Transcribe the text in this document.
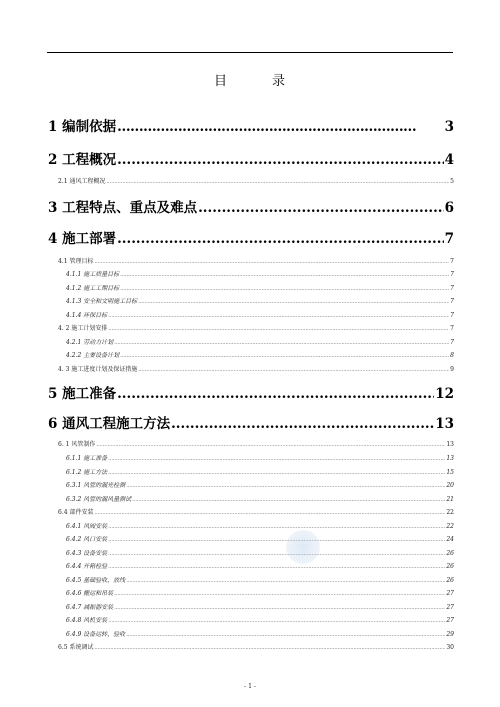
目	录
1 编制依据 ……………………………………………………………	3
2 工程概况 .....	4
2.1 通风工程概况 .....	5
3 工程特点、重点及难点 .....	6
4 施工部署 .....	7
4.1 管理目标 .....	7
4.1.1 施工质量目标 .....	7
4.1.2 施工工期目标 .....	7
4.1.3 安全和文明施工目标 .....	7
4.1.4 环保目标 .....	7
4. 2 施工计划安排 .....	7
4.2.1 劳动力计划 .....	7
4.2.2 主要设备计划 .....	8
4. 3 施工进度计划及保证措施 .....	9
5 施工准备 .....	12
6 通风工程施工方法 .....	13
6. 1 风管制作 .....	13
6.1.1 施工准备 .....	13
6.1.2 施工方法 .....	15
6.3.1 风管的漏光检测 .....	20
6.3.2 风管的漏风量测试 .....	21
6.4 部件安装 .....	22
6.4.1 风阀安装 .....	22
6.4.2 风口安装 .....	24
6.4.3 设备安装 .....	26
6.4.4 开箱检验 .....	26
6.4.5 基础验收、放线 .....	26
6.4.6 搬运和吊装 .....	27
6.4.7 减振器安装 .....	27
6.4.8 风机安装 .....	27
6.4.9 设备运转、验收 .....	29
6.5 系统调试 .....	30
- 1 -
